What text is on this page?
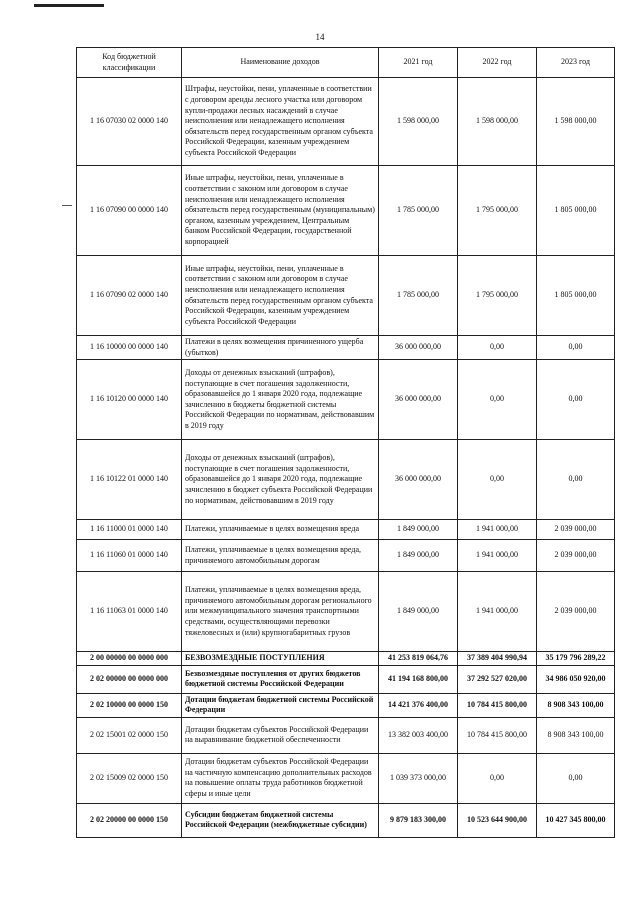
14
Код бюджетной классификации	Наименование доходов	2021 год	2022 год	2023 год
1 16 07030 02 0000 140	Штрафы, неустойки, пени, уплаченные в соответствии с договором аренды лесного участка или договором купли-продажи лесных насаждений в случае неисполнения или ненадлежащего исполнения обязательств перед государственным органом субъекта Российской Федерации, казенным учреждением субъекта Российской Федерации	1 598 000,00	1 598 000,00	1 598 000,00
1 16 07090 00 0000 140	Иные штрафы, неустойки, пени, уплаченные в соответствии с законом или договором в случае неисполнения или ненадлежащего исполнения обязательств перед государственным (муниципальным) органом, казенным учреждением, Центральным банком Российской Федерации, государственной корпорацией	1 785 000,00	1 795 000,00	1 805 000,00
1 16 07090 02 0000 140	Иные штрафы, неустойки, пени, уплаченные в соответствии с законом или договором в случае неисполнения или ненадлежащего исполнения обязательств перед государственным органом субъекта Российской Федерации, казенным учреждением субъекта Российской Федерации	1 785 000,00	1 795 000,00	1 805 000,00
1 16 10000 00 0000 140	Платежи в целях возмещения причиненного ущерба (убытков)	36 000 000,00	0,00	0,00
1 16 10120 00 0000 140	Доходы от денежных взысканий (штрафов), поступающие в счет погашения задолженности, образовавшейся до 1 января 2020 года, подлежащие зачислению в бюджеты бюджетной системы Российской Федерации по нормативам, действовавшим в 2019 году	36 000 000,00	0,00	0,00
1 16 10122 01 0000 140	Доходы от денежных взысканий (штрафов), поступающие в счет погашения задолженности, образовавшейся до 1 января 2020 года, подлежащие зачислению в бюджет субъекта Российской Федерации по нормативам, действовавшим в 2019 году	36 000 000,00	0,00	0,00
1 16 11000 01 0000 140	Платежи, уплачиваемые в целях возмещения вреда	1 849 000,00	1 941 000,00	2 039 000,00
1 16 11060 01 0000 140	Платежи, уплачиваемые в целях возмещения вреда, причиняемого автомобильным дорогам	1 849 000,00	1 941 000,00	2 039 000,00
1 16 11063 01 0000 140	Платежи, уплачиваемые в целях возмещения вреда, причиняемого автомобильным дорогам регионального или межмуниципального значения транспортными средствами, осуществляющими перевозки тяжеловесных и (или) крупногабаритных грузов	1 849 000,00	1 941 000,00	2 039 000,00
2 00 00000 00 0000 000	БЕЗВОЗМЕЗДНЫЕ ПОСТУПЛЕНИЯ	41 253 819 064,76	37 389 404 990,94	35 179 796 289,22
2 02 00000 00 0000 000	Безвозмездные поступления от других бюджетов бюджетной системы Российской Федерации	41 194 168 800,00	37 292 527 020,00	34 986 050 920,00
2 02 10000 00 0000 150	Дотации бюджетам бюджетной системы Российской Федерации	14 421 376 400,00	10 784 415 800,00	8 908 343 100,00
2 02 15001 02 0000 150	Дотации бюджетам субъектов Российской Федерации на выравнивание бюджетной обеспеченности	13 382 003 400,00	10 784 415 800,00	8 908 343 100,00
2 02 15009 02 0000 150	Дотации бюджетам субъектов Российской Федерации на частичную компенсацию дополнительных расходов на повышение оплаты труда работников бюджетной сферы и иные цели	1 039 373 000,00	0,00	0,00
2 02 20000 00 0000 150	Субсидии бюджетам бюджетной системы Российской Федерации (межбюджетные субсидии)	9 879 183 300,00	10 523 644 900,00	10 427 345 800,00
